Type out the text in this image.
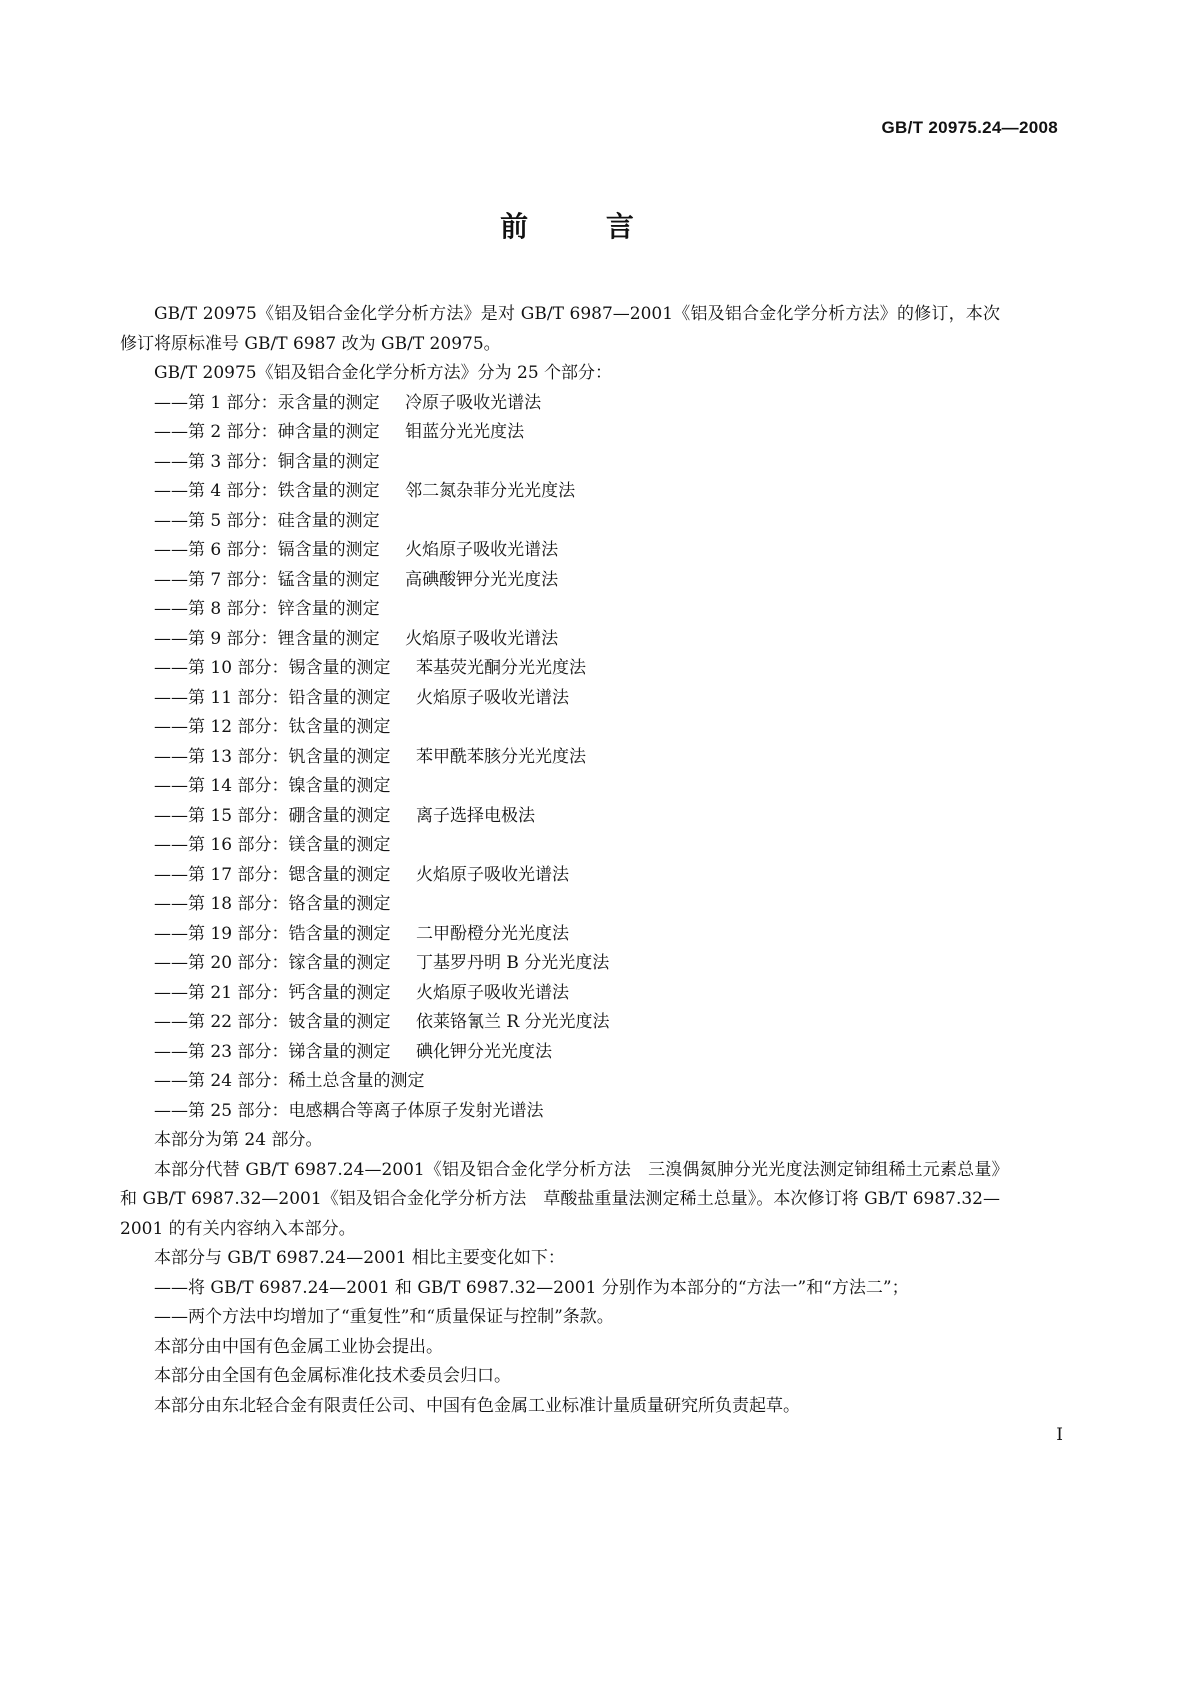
GB/T 20975.24—2008
前 言

GB/T 20975《铝及铝合金化学分析方法》是对 GB/T 6987—2001《铝及铝合金化学分析方法》的修订，本次修订将原标准号 GB/T 6987 改为 GB/T 20975。

GB/T 20975《铝及铝合金化学分析方法》分为 25 个部分：

——第 1 部分：汞含量的测定 冷原子吸收光谱法

——第 2 部分：砷含量的测定 钼蓝分光光度法

——第 3 部分：铜含量的测定

——第 4 部分：铁含量的测定 邻二氮杂菲分光光度法

——第 5 部分：硅含量的测定

——第 6 部分：镉含量的测定 火焰原子吸收光谱法

——第 7 部分：锰含量的测定 高碘酸钾分光光度法

——第 8 部分：锌含量的测定

——第 9 部分：锂含量的测定 火焰原子吸收光谱法

——第 10 部分：锡含量的测定 苯基荧光酮分光光度法

——第 11 部分：铅含量的测定 火焰原子吸收光谱法

——第 12 部分：钛含量的测定

——第 13 部分：钒含量的测定 苯甲酰苯胲分光光度法

——第 14 部分：镍含量的测定

——第 15 部分：硼含量的测定 离子选择电极法

——第 16 部分：镁含量的测定

——第 17 部分：锶含量的测定 火焰原子吸收光谱法

——第 18 部分：铬含量的测定

——第 19 部分：锆含量的测定 二甲酚橙分光光度法

——第 20 部分：镓含量的测定 丁基罗丹明 B 分光光度法

——第 21 部分：钙含量的测定 火焰原子吸收光谱法

——第 22 部分：铍含量的测定 依莱铬氰兰 R 分光光度法

——第 23 部分：锑含量的测定 碘化钾分光光度法

——第 24 部分：稀土总含量的测定

——第 25 部分：电感耦合等离子体原子发射光谱法

本部分为第 24 部分。

本部分代替 GB/T 6987.24—2001《铝及铝合金化学分析方法　三溴偶氮胂分光光度法测定铈组稀土元素总量》和 GB/T 6987.32—2001《铝及铝合金化学分析方法　草酸盐重量法测定稀土总量》。本次修订将 GB/T 6987.32—2001 的有关内容纳入本部分。

本部分与 GB/T 6987.24—2001 相比主要变化如下：

——将 GB/T 6987.24—2001 和 GB/T 6987.32—2001 分别作为本部分的“方法一”和“方法二”；

——两个方法中均增加了“重复性”和“质量保证与控制”条款。

本部分由中国有色金属工业协会提出。

本部分由全国有色金属标准化技术委员会归口。

本部分由东北轻合金有限责任公司、中国有色金属工业标准计量质量研究所负责起草。

I
